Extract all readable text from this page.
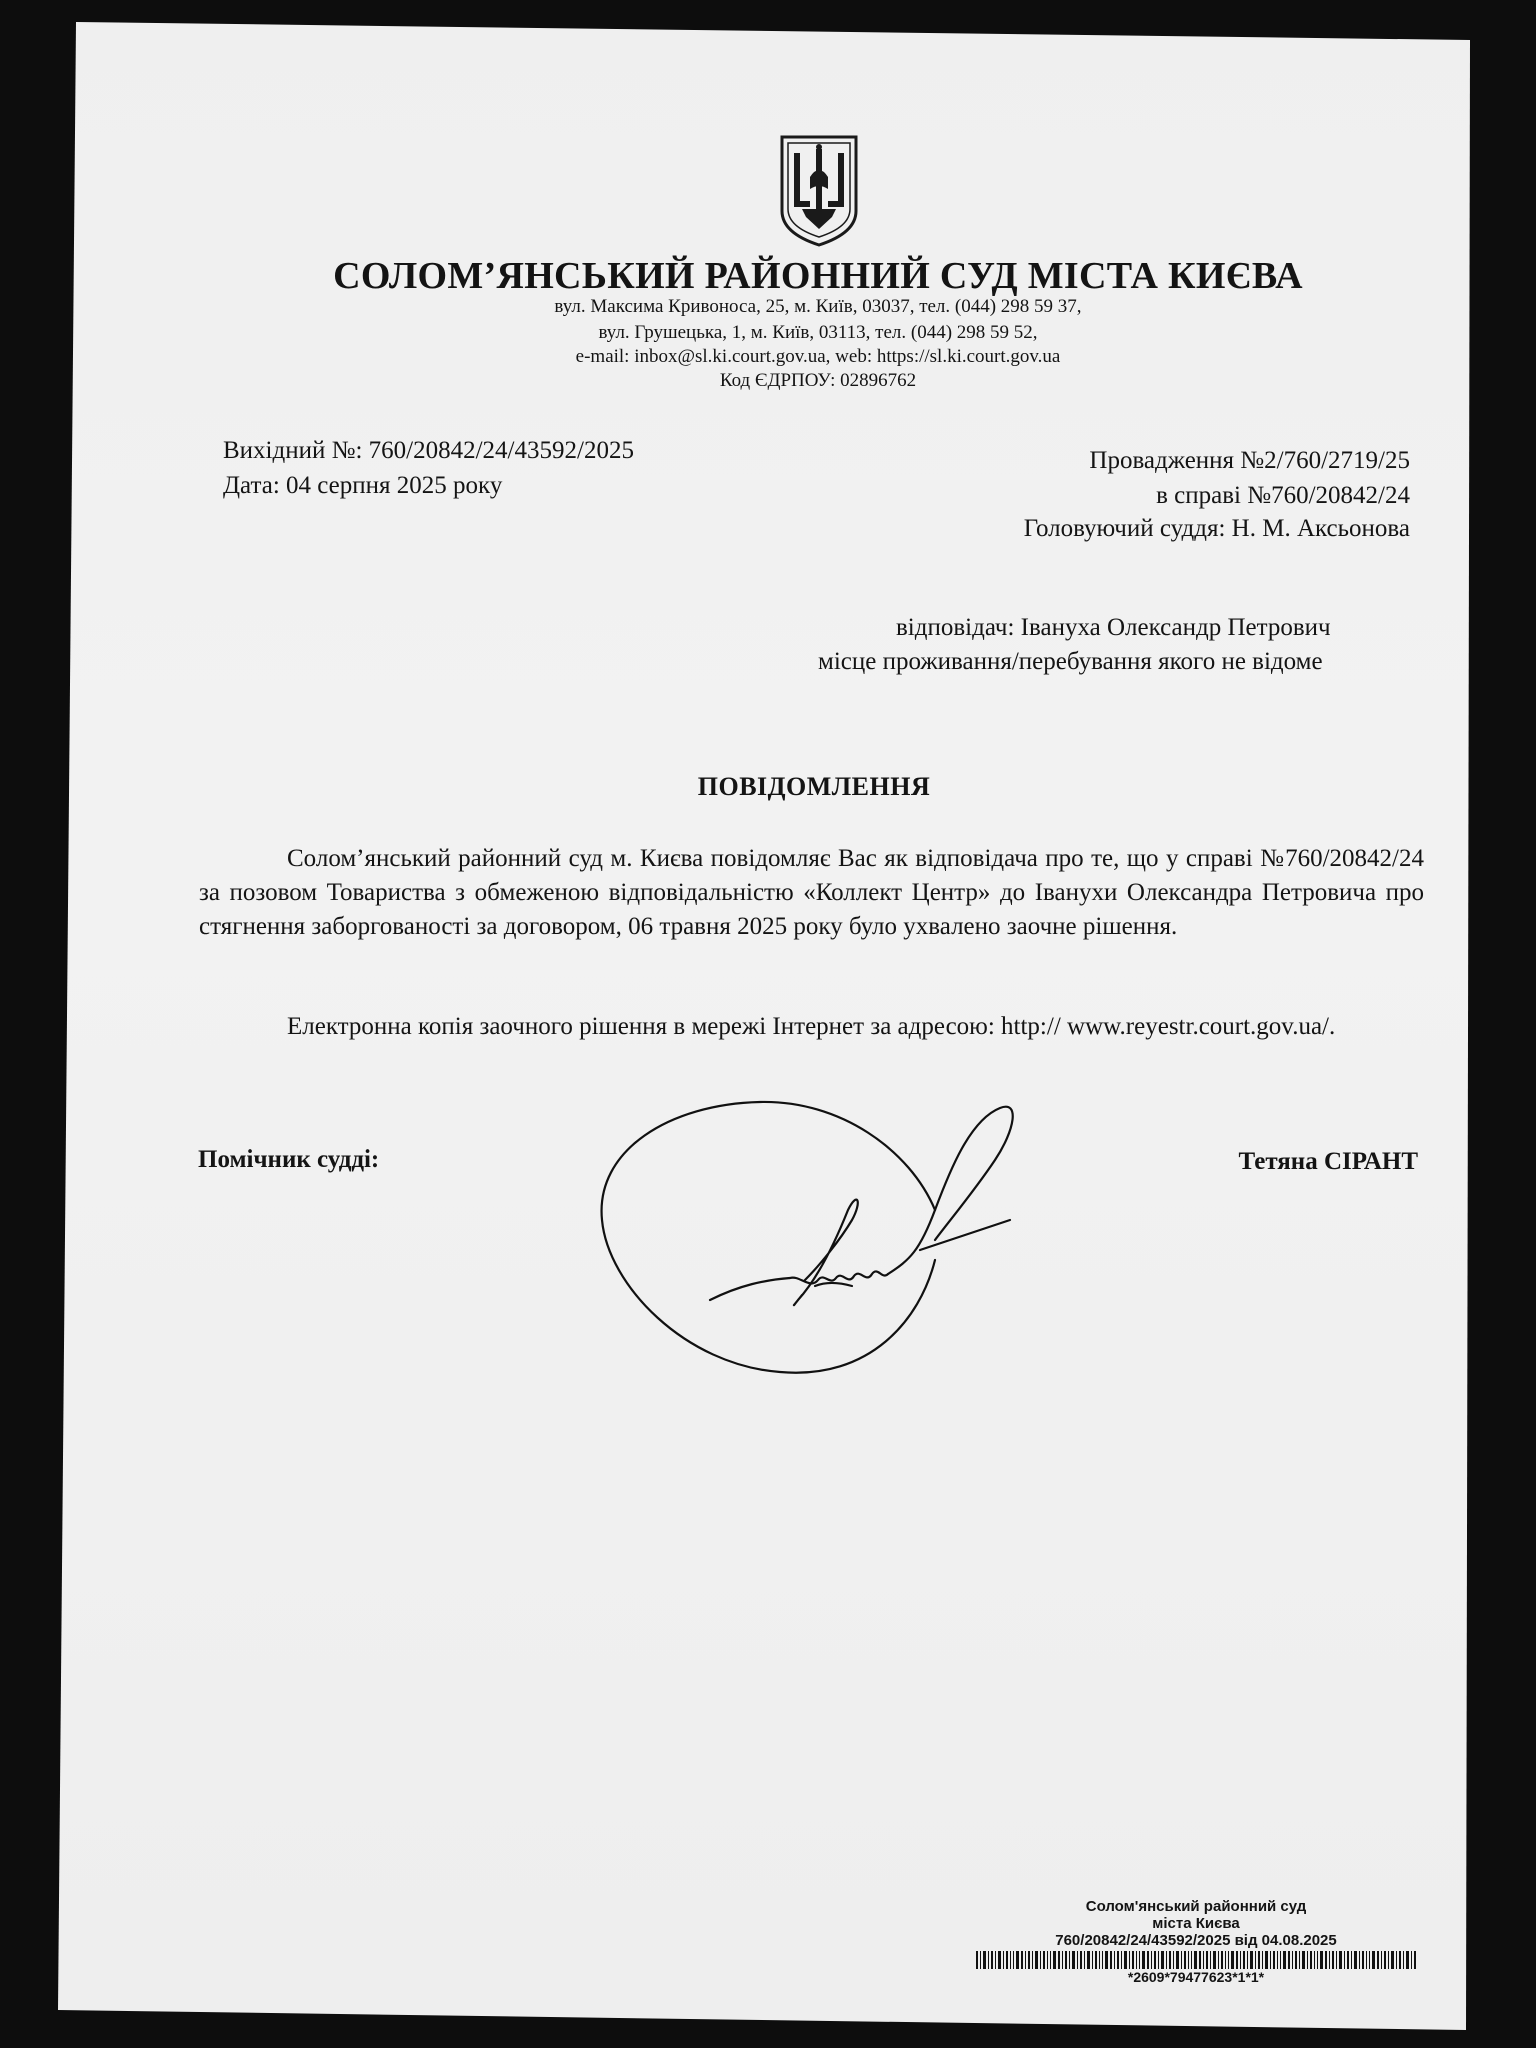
СОЛОМ’ЯНСЬКИЙ РАЙОННИЙ СУД МІСТА КИЄВА
вул. Максима Кривоноса, 25, м. Київ, 03037, тел. (044) 298 59 37,
вул. Грушецька, 1, м. Київ, 03113, тел. (044) 298 59 52,
e-mail: inbox@sl.ki.court.gov.ua, web: https://sl.ki.court.gov.ua
Код ЄДРПОУ: 02896762
Вихідний №: 760/20842/24/43592/2025
Дата: 04 серпня 2025 року
Провадження №2/760/2719/25
в справі №760/20842/24
Головуючий суддя: Н. М. Аксьонова
відповідач: Івануха Олександр Петрович
місце проживання/перебування якого не відоме
ПОВІДОМЛЕННЯ

Солом’янський районний суд м. Києва повідомляє Вас як відповідача про те, що у справі №760/20842/24 за позовом Товариства з обмеженою відповідальністю «Коллект Центр» до Іванухи Олександра Петровича про стягнення заборгованості за договором, 06 травня 2025 року було ухвалено заочне рішення.

Електронна копія заочного рішення в мережі Інтернет за адресою: http:// www.reyestr.court.gov.ua/.

Помічник судді:	Тетяна СІРАНТ
Солом'янський районний суд
міста Києва
760/20842/24/43592/2025 від 04.08.2025
*2609*79477623*1*1*
